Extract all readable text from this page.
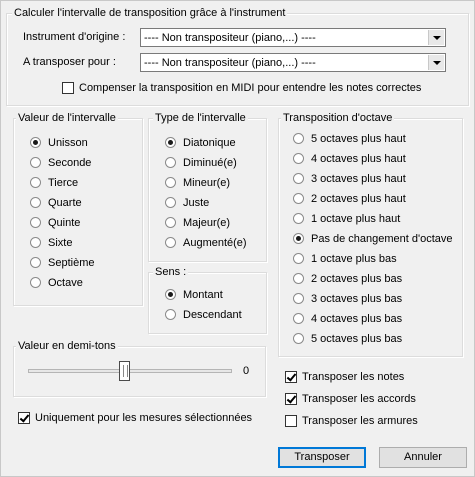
Calculer l'intervalle de transposition grâce à l'instrument
Instrument d'origine : ---- Non transpositeur (piano,...) ----
A transposer pour :	---- Non transpositeur (piano,...) ----
Compenser la transposition en MIDI pour entendre les notes correctes
Valeur de l'intervalle
Unisson
Seconde
Tierce
Quarte
Quinte
Sixte
Septième
Octave
Type de l'intervalle
Diatonique
Diminué(e)
Mineur(e)
Juste
Majeur(e)
Augmenté(e)
Sens :
Montant
Descendant
Transposition d'octave
5 octaves plus haut
4 octaves plus haut
3 octaves plus haut
2 octaves plus haut
1 octave plus haut
Pas de changement d'octave
1 octave plus bas
2 octaves plus bas
3 octaves plus bas
4 octaves plus bas
5 octaves plus bas
Valeur en demi-tons
0
Uniquement pour les mesures sélectionnées
Transposer les notes
Transposer les accords
Transposer les armures
Transposer	Annuler
